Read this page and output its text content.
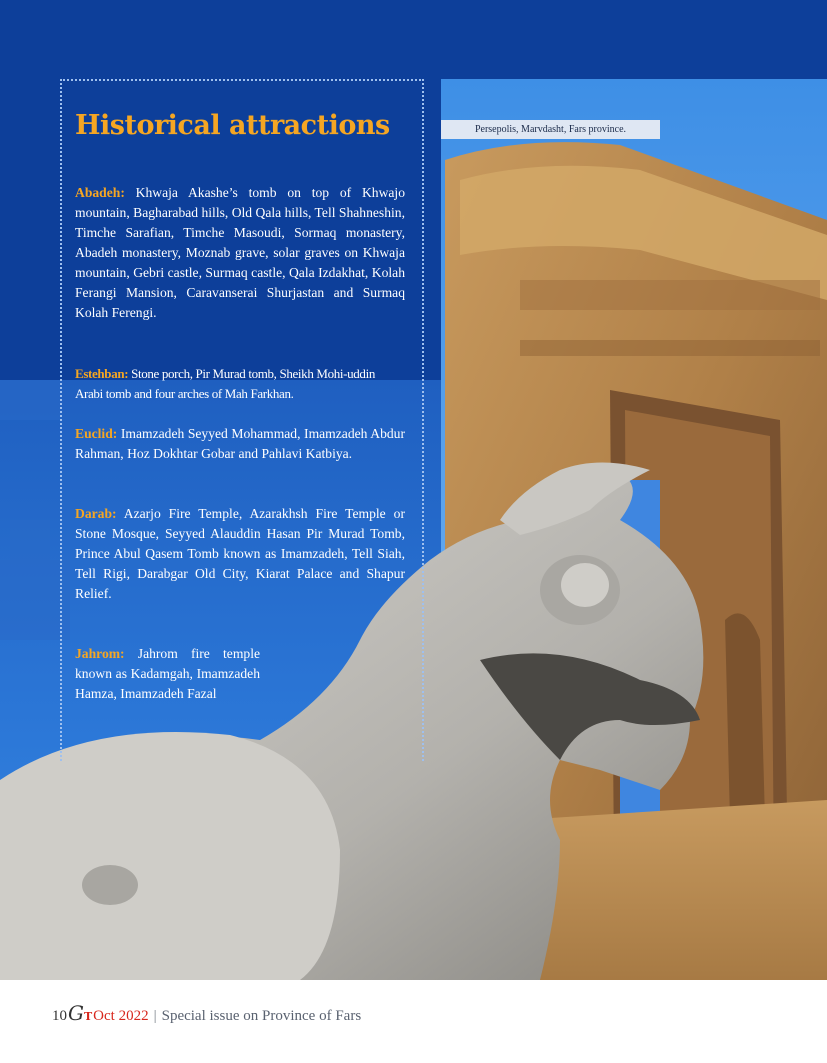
Historical attractions	Persepolis, Marvdasht, Fars province.

Abadeh: Khwaja Akashe’s tomb on top of Khwajo mountain, Bagharabad hills, Old Qala hills, Tell Shahneshin, Timche Sarafian, Timche Masoudi, Sormaq monastery, Abadeh monastery, Moznab grave, solar graves on Khwaja mountain, Gebri castle, Surmaq castle, Qala Izdakhat, Kolah Ferangi Mansion, Caravanserai Shurjastan and Surmaq Kolah Ferengi.

Estehban: Stone porch, Pir Murad tomb, Sheikh Mohi-uddin Arabi tomb and four arches of Mah Farkhan.

Euclid: Imamzadeh Seyyed Mohammad, Imamzadeh Abdur Rahman, Hoz Dokhtar Gobar and Pahlavi Katbiya.

Darab: Azarjo Fire Temple, Azarakhsh Fire Temple or Stone Mosque, Seyyed Alauddin Hasan Pir Murad Tomb, Prince Abul Qasem Tomb known as Imamzadeh, Tell Siah, Tell Rigi, Darabgar Old City, Kiarat Palace and Shapur Relief.

Jahrom: Jahrom fire temple known as Kadamgah, Imamzadeh Hamza, Imamzadeh Fazal

10 GT Oct 2022 | Special issue on Province of Fars
